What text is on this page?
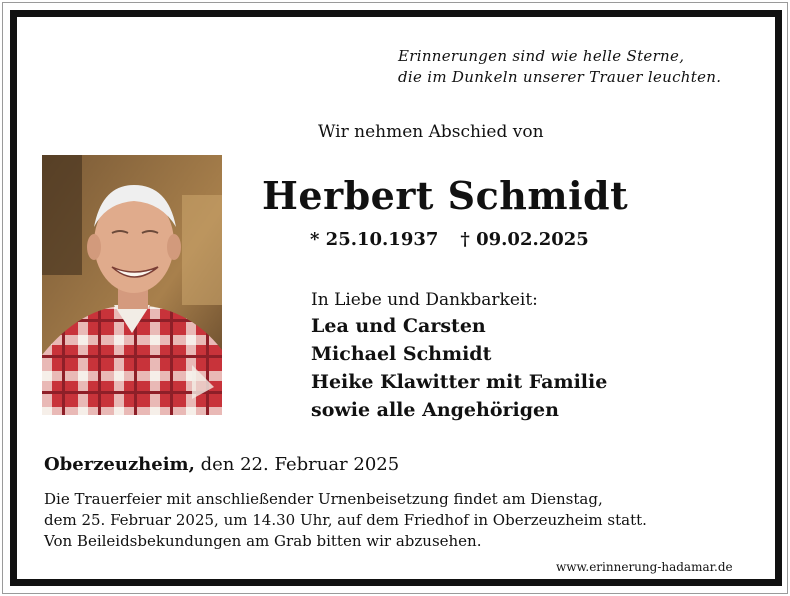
Erinnerungen sind wie helle Sterne,
die im Dunkeln unserer Trauer leuchten.
Wir nehmen Abschied von
Herbert Schmidt
* 25.10.1937 † 09.02.2025
In Liebe und Dankbarkeit:
Lea und Carsten
Michael Schmidt
Heike Klawitter mit Familie
sowie alle Angehörigen
Oberzeuzheim, den 22. Februar 2025
Die Trauerfeier mit anschließender Urnenbeisetzung findet am Dienstag,
dem 25. Februar 2025, um 14.30 Uhr, auf dem Friedhof in Oberzeuzheim statt.
Von Beileidsbekundungen am Grab bitten wir abzusehen.
www.erinnerung-hadamar.de
